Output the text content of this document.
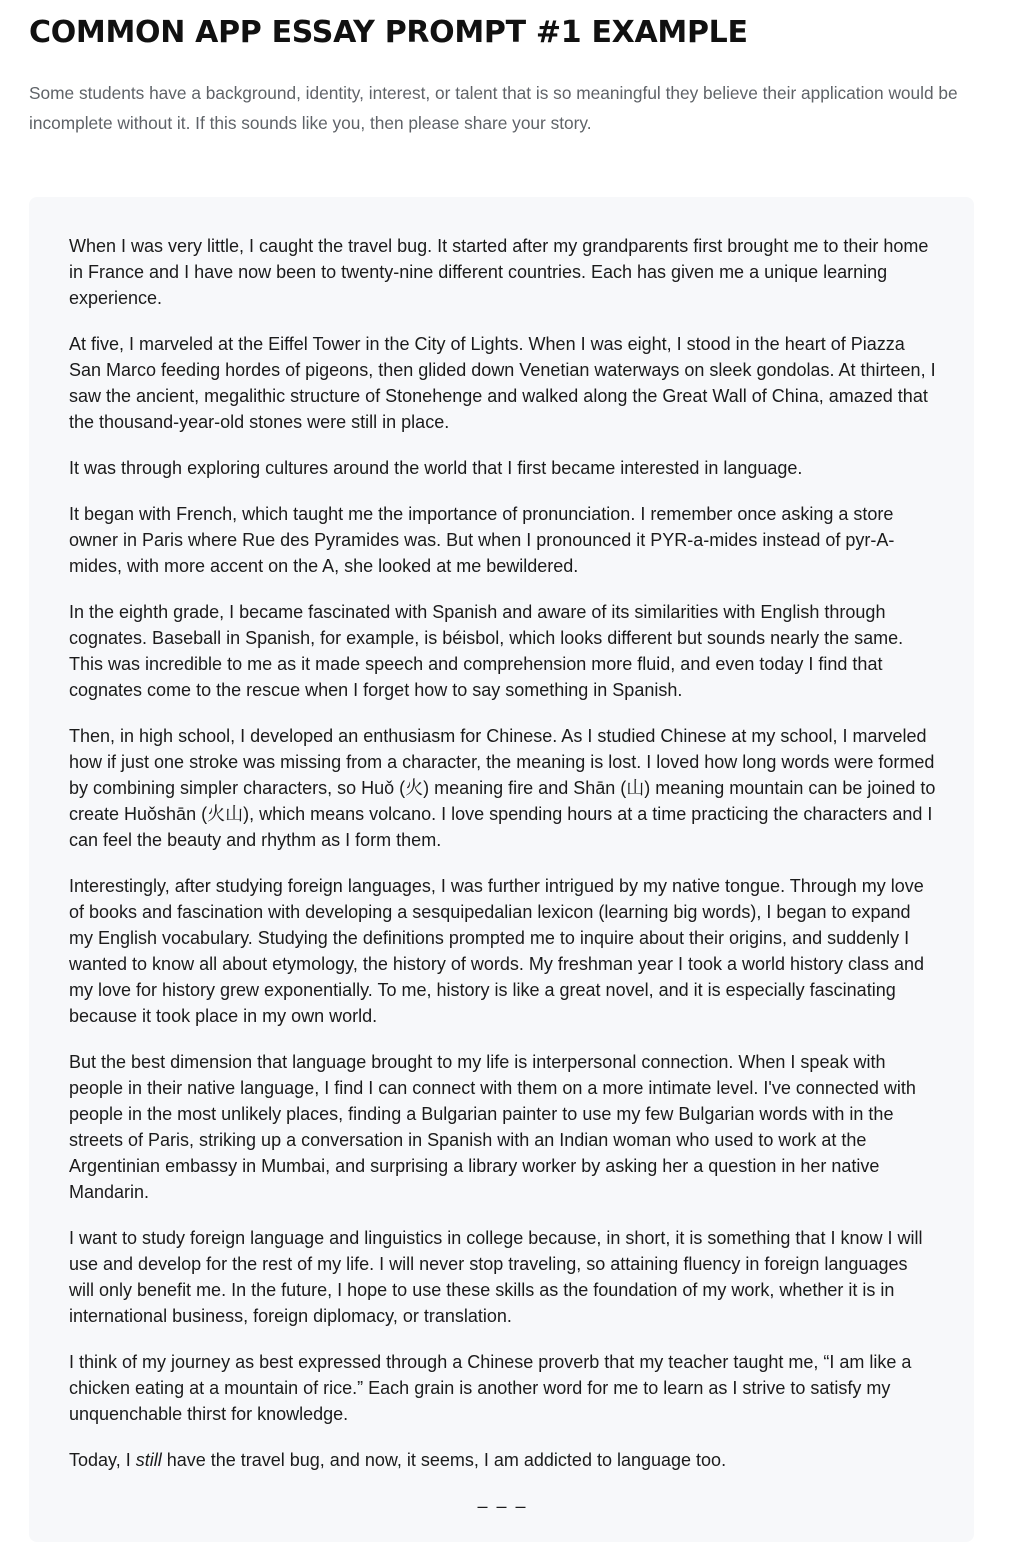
COMMON APP ESSAY PROMPT #1 EXAMPLE

Some students have a background, identity, interest, or talent that is so meaningful they believe their application would be incomplete without it. If this sounds like you, then please share your story.

When I was very little, I caught the travel bug. It started after my grandparents first brought me to their home in France and I have now been to twenty-nine different countries. Each has given me a unique learning experience.

At five, I marveled at the Eiffel Tower in the City of Lights. When I was eight, I stood in the heart of Piazza San Marco feeding hordes of pigeons, then glided down Venetian waterways on sleek gondolas. At thirteen, I saw the ancient, megalithic structure of Stonehenge and walked along the Great Wall of China, amazed that the thousand-year-old stones were still in place.

It was through exploring cultures around the world that I first became interested in language.

It began with French, which taught me the importance of pronunciation. I remember once asking a store owner in Paris where Rue des Pyramides was. But when I pronounced it PYR-a-mides instead of pyr-A-mides, with more accent on the A, she looked at me bewildered.

In the eighth grade, I became fascinated with Spanish and aware of its similarities with English through cognates. Baseball in Spanish, for example, is béisbol, which looks different but sounds nearly the same. This was incredible to me as it made speech and comprehension more fluid, and even today I find that cognates come to the rescue when I forget how to say something in Spanish.

Then, in high school, I developed an enthusiasm for Chinese. As I studied Chinese at my school, I marveled how if just one stroke was missing from a character, the meaning is lost. I loved how long words were formed by combining simpler characters, so Huǒ (火) meaning fire and Shān (山) meaning mountain can be joined to create Huǒshān (火山), which means volcano. I love spending hours at a time practicing the characters and I can feel the beauty and rhythm as I form them.

Interestingly, after studying foreign languages, I was further intrigued by my native tongue. Through my love of books and fascination with developing a sesquipedalian lexicon (learning big words), I began to expand my English vocabulary. Studying the definitions prompted me to inquire about their origins, and suddenly I wanted to know all about etymology, the history of words. My freshman year I took a world history class and my love for history grew exponentially. To me, history is like a great novel, and it is especially fascinating because it took place in my own world.

But the best dimension that language brought to my life is interpersonal connection. When I speak with people in their native language, I find I can connect with them on a more intimate level. I've connected with people in the most unlikely places, finding a Bulgarian painter to use my few Bulgarian words with in the streets of Paris, striking up a conversation in Spanish with an Indian woman who used to work at the Argentinian embassy in Mumbai, and surprising a library worker by asking her a question in her native Mandarin.

I want to study foreign language and linguistics in college because, in short, it is something that I know I will use and develop for the rest of my life. I will never stop traveling, so attaining fluency in foreign languages will only benefit me. In the future, I hope to use these skills as the foundation of my work, whether it is in international business, foreign diplomacy, or translation.

I think of my journey as best expressed through a Chinese proverb that my teacher taught me, “I am like a chicken eating at a mountain of rice.” Each grain is another word for me to learn as I strive to satisfy my unquenchable thirst for knowledge.

Today, I still have the travel bug, and now, it seems, I am addicted to language too.

– – –
